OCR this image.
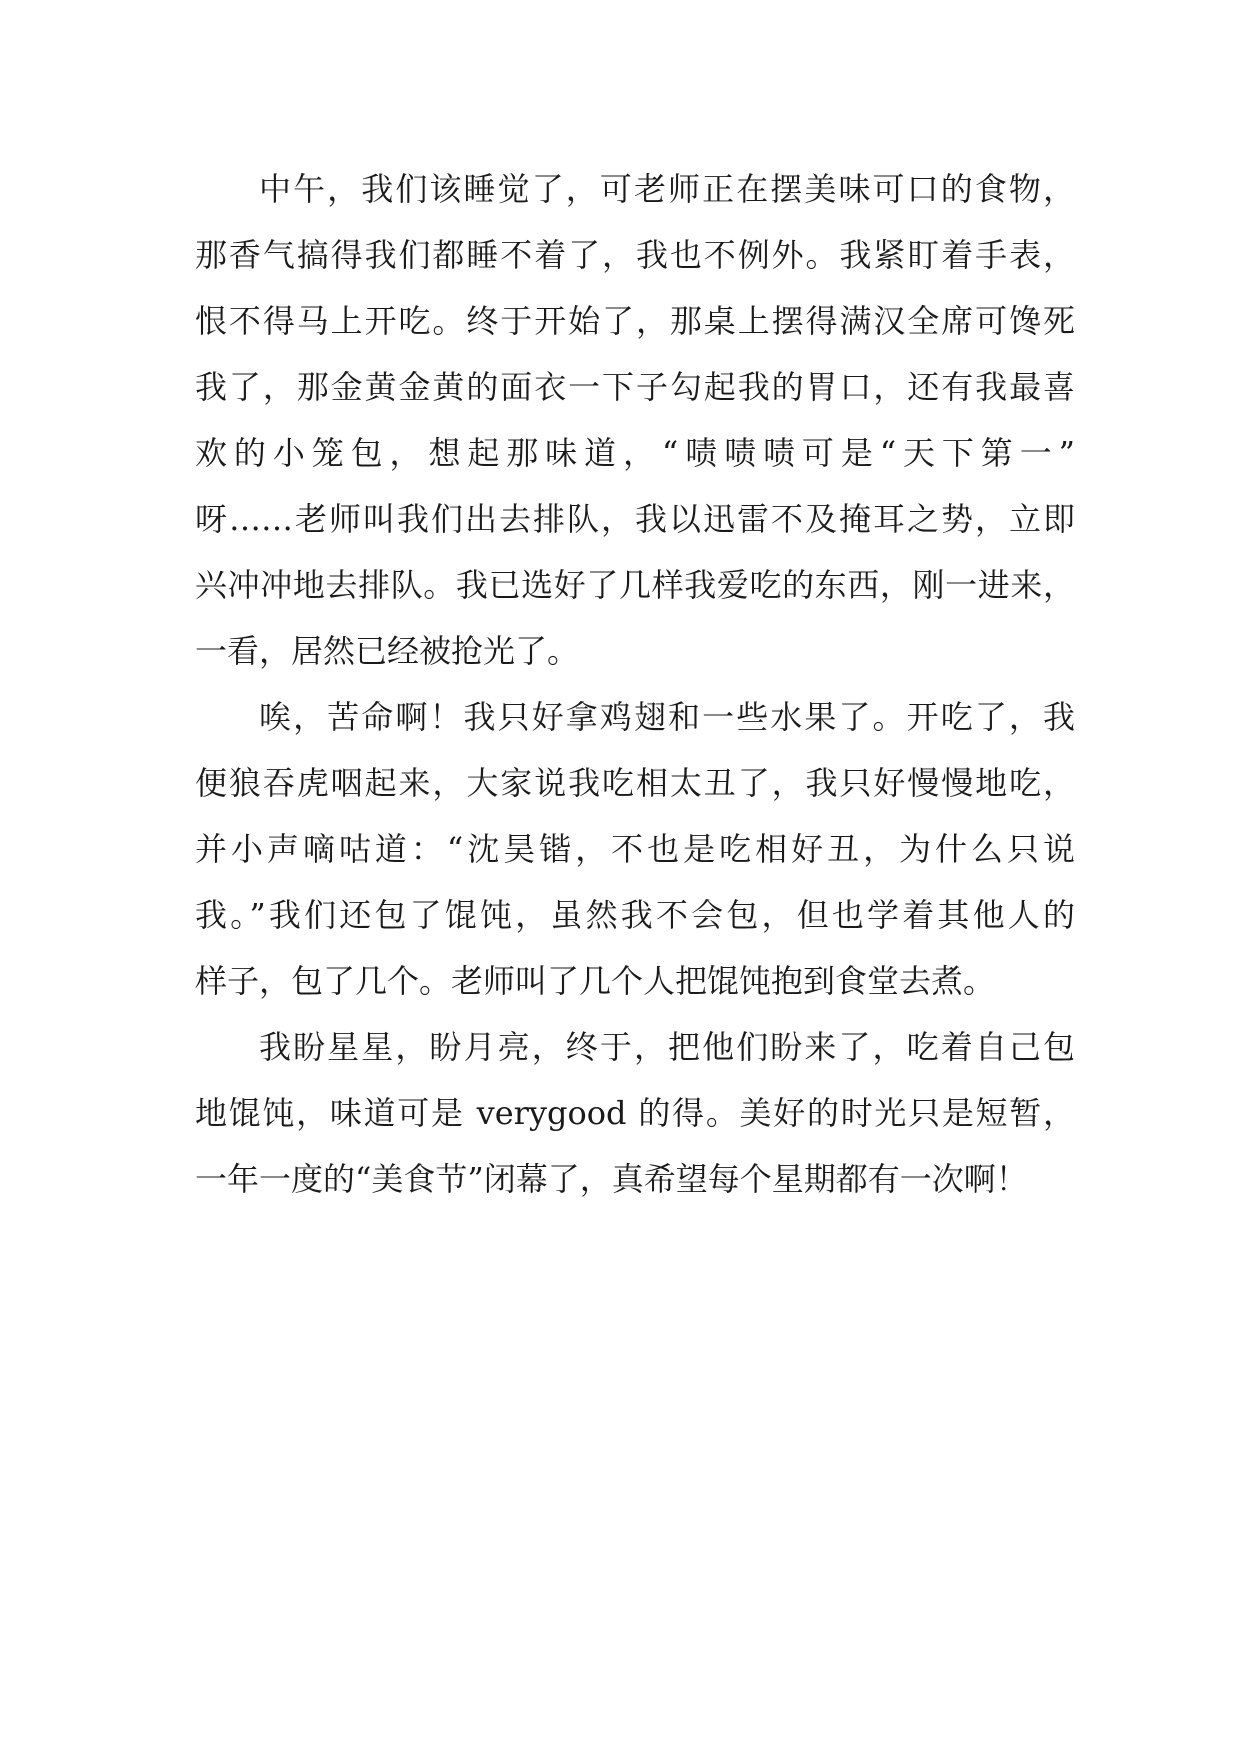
中午，我们该睡觉了，可老师正在摆美味可口的食物，
那香气搞得我们都睡不着了，我也不例外。我紧盯着手表，
恨不得马上开吃。终于开始了，那桌上摆得满汉全席可馋死
我了，那金黄金黄的面衣一下子勾起我的胃口，还有我最喜
欢的小笼包，想起那味道，“啧啧啧可是“天下第一”
呀……老师叫我们出去排队，我以迅雷不及掩耳之势，立即
兴冲冲地去排队。我已选好了几样我爱吃的东西，刚一进来，
一看，居然已经被抢光了。
唉，苦命啊！我只好拿鸡翅和一些水果了。开吃了，我
便狼吞虎咽起来，大家说我吃相太丑了，我只好慢慢地吃，
并小声嘀咕道：“沈昊锴，不也是吃相好丑，为什么只说
我。”我们还包了馄饨，虽然我不会包，但也学着其他人的
样子，包了几个。老师叫了几个人把馄饨抱到食堂去煮。
我盼星星，盼月亮，终于，把他们盼来了，吃着自己包
地馄饨，味道可是 verygood 的得。美好的时光只是短暂，
一年一度的“美食节”闭幕了，真希望每个星期都有一次啊！
